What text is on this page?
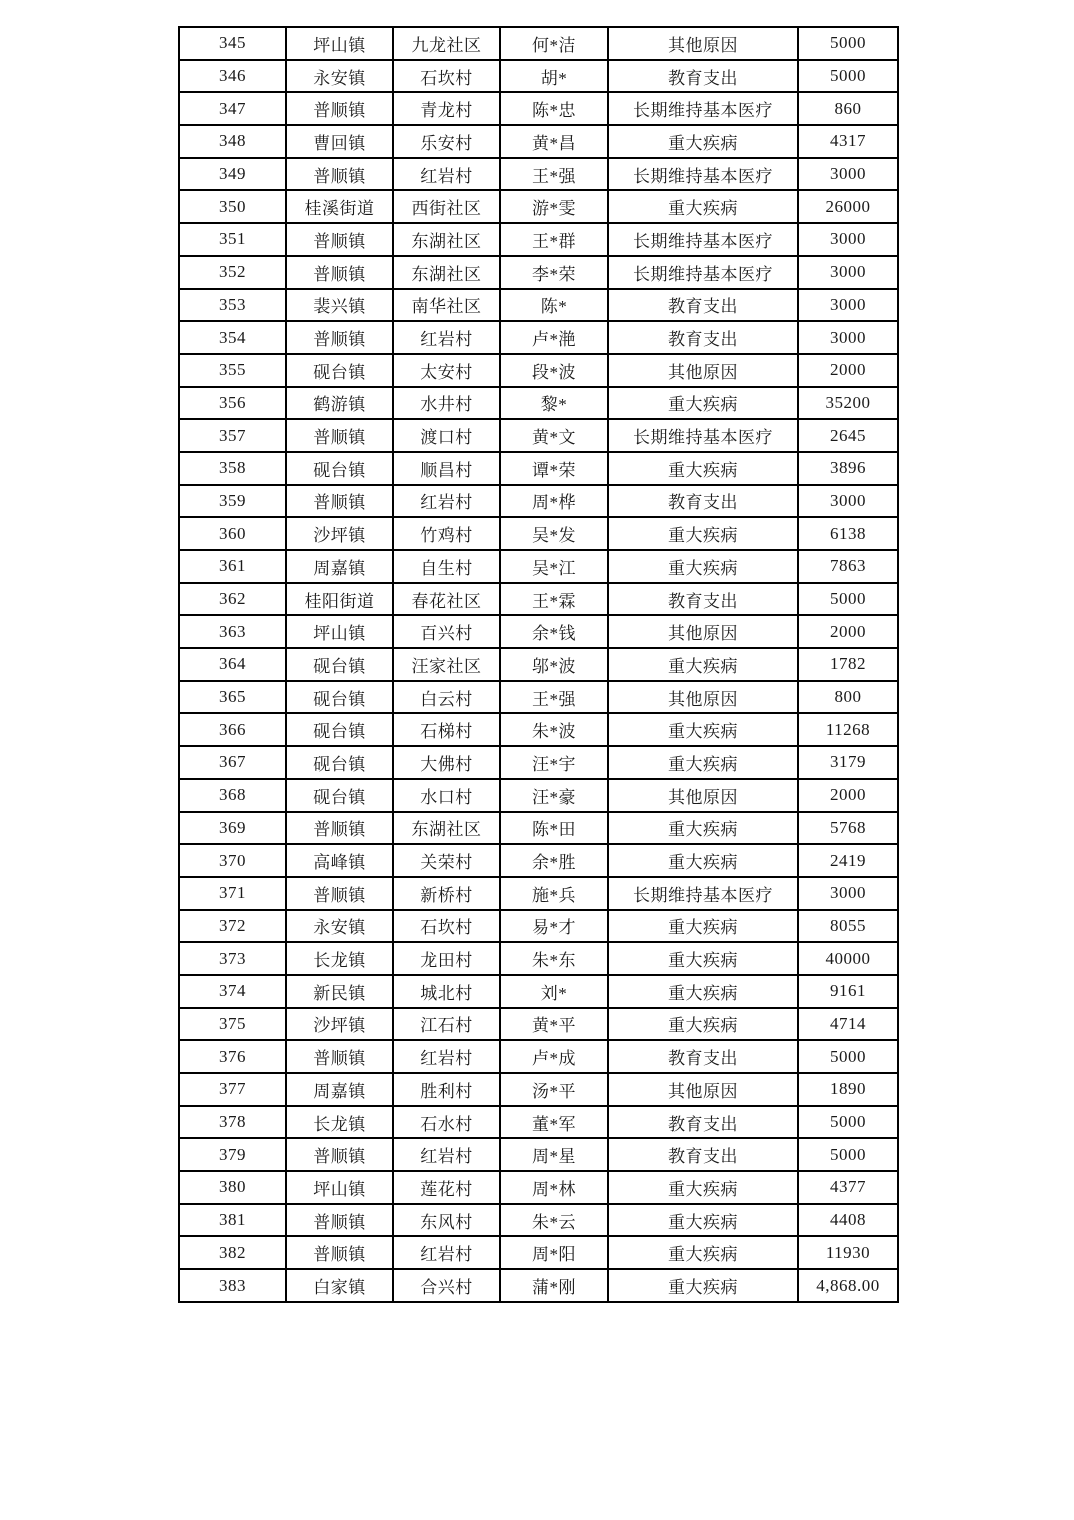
345	坪山镇	九龙社区	何*洁	其他原因	5000
346	永安镇	石坎村	胡*	教育支出	5000
347	普顺镇	青龙村	陈*忠	长期维持基本医疗	860
348	曹回镇	乐安村	黄*昌	重大疾病	4317
349	普顺镇	红岩村	王*强	长期维持基本医疗	3000
350	桂溪街道	西街社区	游*雯	重大疾病	26000
351	普顺镇	东湖社区	王*群	长期维持基本医疗	3000
352	普顺镇	东湖社区	李*荣	长期维持基本医疗	3000
353	裴兴镇	南华社区	陈*	教育支出	3000
354	普顺镇	红岩村	卢*滟	教育支出	3000
355	砚台镇	太安村	段*波	其他原因	2000
356	鹤游镇	水井村	黎*	重大疾病	35200
357	普顺镇	渡口村	黄*文	长期维持基本医疗	2645
358	砚台镇	顺昌村	谭*荣	重大疾病	3896
359	普顺镇	红岩村	周*桦	教育支出	3000
360	沙坪镇	竹鸡村	吴*发	重大疾病	6138
361	周嘉镇	自生村	吴*江	重大疾病	7863
362	桂阳街道	春花社区	王*霖	教育支出	5000
363	坪山镇	百兴村	余*钱	其他原因	2000
364	砚台镇	汪家社区	邬*波	重大疾病	1782
365	砚台镇	白云村	王*强	其他原因	800
366	砚台镇	石梯村	朱*波	重大疾病	11268
367	砚台镇	大佛村	汪*宇	重大疾病	3179
368	砚台镇	水口村	汪*豪	其他原因	2000
369	普顺镇	东湖社区	陈*田	重大疾病	5768
370	高峰镇	关荣村	余*胜	重大疾病	2419
371	普顺镇	新桥村	施*兵	长期维持基本医疗	3000
372	永安镇	石坎村	易*才	重大疾病	8055
373	长龙镇	龙田村	朱*东	重大疾病	40000
374	新民镇	城北村	刘*	重大疾病	9161
375	沙坪镇	江石村	黄*平	重大疾病	4714
376	普顺镇	红岩村	卢*成	教育支出	5000
377	周嘉镇	胜利村	汤*平	其他原因	1890
378	长龙镇	石水村	董*军	教育支出	5000
379	普顺镇	红岩村	周*星	教育支出	5000
380	坪山镇	莲花村	周*林	重大疾病	4377
381	普顺镇	东风村	朱*云	重大疾病	4408
382	普顺镇	红岩村	周*阳	重大疾病	11930
383	白家镇	合兴村	蒲*刚	重大疾病	4,868.00
